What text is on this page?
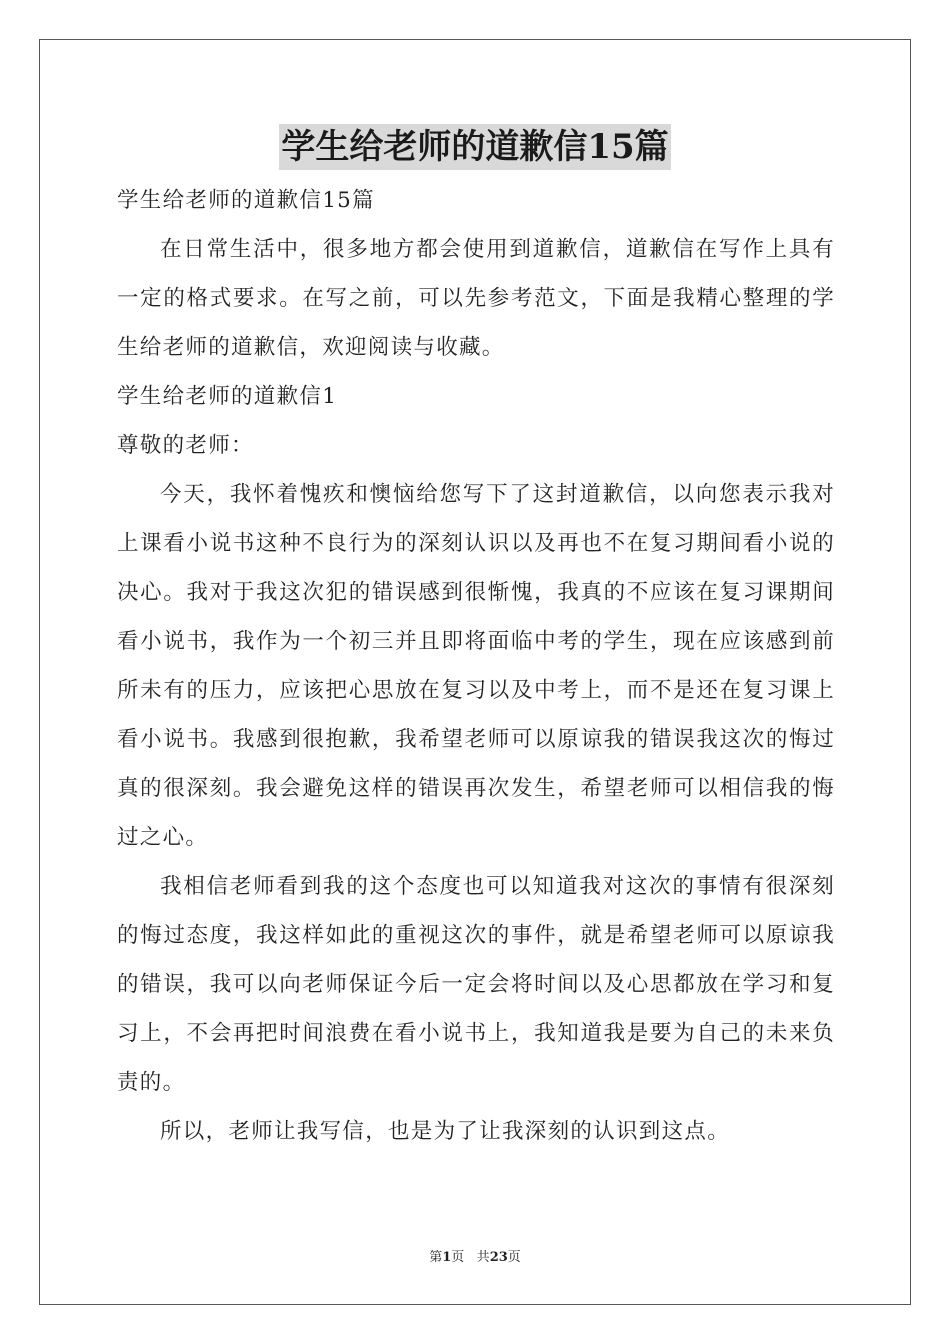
学生给老师的道歉信15篇
学生给老师的道歉信15篇

在日常生活中，很多地方都会使用到道歉信，道歉信在写作上具有一定的格式要求。在写之前，可以先参考范文，下面是我精心整理的学生给老师的道歉信，欢迎阅读与收藏。

学生给老师的道歉信1
尊敬的老师：

今天，我怀着愧疚和懊恼给您写下了这封道歉信，以向您表示我对上课看小说书这种不良行为的深刻认识以及再也不在复习期间看小说的决心。我对于我这次犯的错误感到很惭愧，我真的不应该在复习课期间看小说书，我作为一个初三并且即将面临中考的学生，现在应该感到前所未有的压力，应该把心思放在复习以及中考上，而不是还在复习课上看小说书。我感到很抱歉，我希望老师可以原谅我的错误我这次的悔过真的很深刻。我会避免这样的错误再次发生，希望老师可以相信我的悔过之心。

我相信老师看到我的这个态度也可以知道我对这次的事情有很深刻的悔过态度，我这样如此的重视这次的事件，就是希望老师可以原谅我的错误，我可以向老师保证今后一定会将时间以及心思都放在学习和复习上，不会再把时间浪费在看小说书上，我知道我是要为自己的未来负责的。

所以，老师让我写信，也是为了让我深刻的认识到这点。

第1页 共23页
